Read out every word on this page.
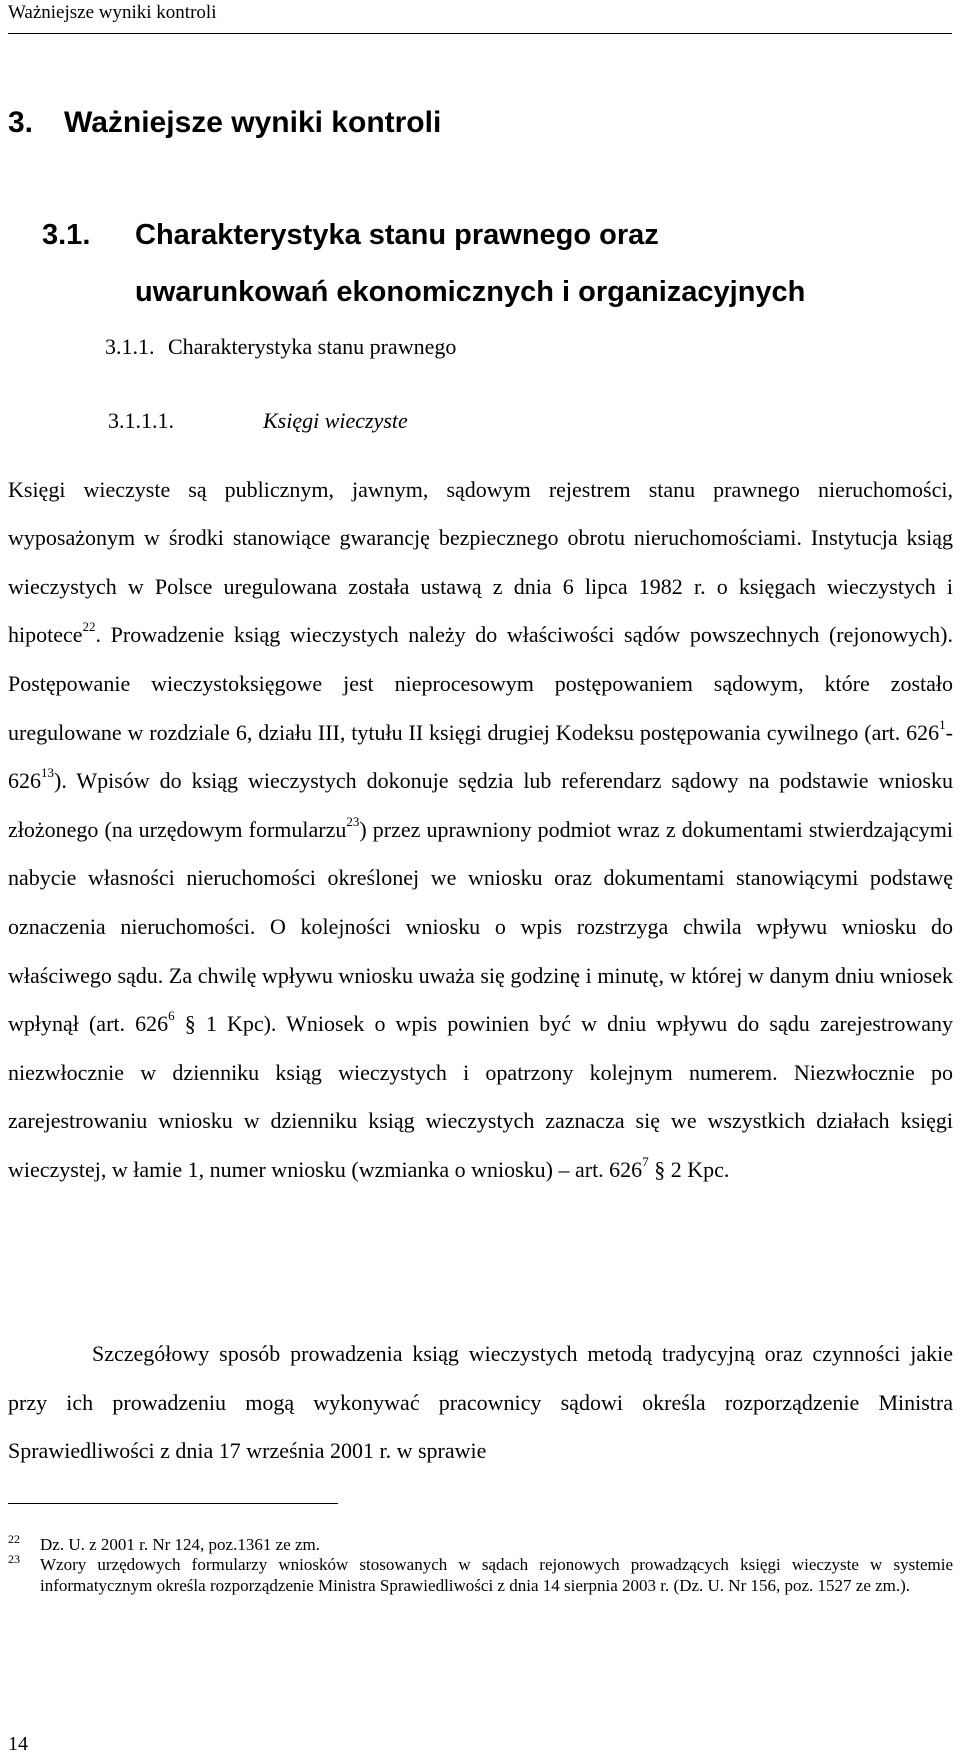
Ważniejsze wyniki kontroli
3. Ważniejsze wyniki kontroli
3.1. Charakterystyka stanu prawnego oraz
uwarunkowań ekonomicznych i organizacyjnych
3.1.1. Charakterystyka stanu prawnego
3.1.1.1.	Księgi wieczyste

Księgi wieczyste są publicznym, jawnym, sądowym rejestrem stanu prawnego nieruchomości, wyposażonym w środki stanowiące gwarancję bezpiecznego obrotu nieruchomościami. Instytucja ksiąg wieczystych w Polsce uregulowana została ustawą z dnia 6 lipca 1982 r. o księgach wieczystych i hipotece$^{22}$. Prowadzenie ksiąg wieczystych należy do właściwości sądów powszechnych (rejonowych). Postępowanie wieczystoksięgowe jest nieprocesowym postępowaniem sądowym, które zostało uregulowane w rozdziale 6, działu III, tytułu II księgi drugiej Kodeksu postępowania cywilnego (art. $626^1-626^{13}$). Wpisów do ksiąg wieczystych dokonuje sędzia lub referendarz sądowy na podstawie wniosku złożonego (na urzędowym formularzu$^{23}$) przez uprawniony podmiot wraz z dokumentami stwierdzającymi nabycie własności nieruchomości określonej we wniosku oraz dokumentami stanowiącymi podstawę oznaczenia nieruchomości. O kolejności wniosku o wpis rozstrzyga chwila wpływu wniosku do właściwego sądu. Za chwilę wpływu wniosku uważa się godzinę i minutę, w której w danym dniu wniosek wpłynął (art. $626^6$ § 1 Kpc). Wniosek o wpis powinien być w dniu wpływu do sądu zarejestrowany niezwłocznie w dzienniku ksiąg wieczystych i opatrzony kolejnym numerem. Niezwłocznie po zarejestrowaniu wniosku w dzienniku ksiąg wieczystych zaznacza się we wszystkich działach księgi wieczystej, w łamie 1, numer wniosku (wzmianka o wniosku) – art. $626^7$ § 2 Kpc.
Szczegółowy sposób prowadzenia ksiąg wieczystych metodą tradycyjną oraz czynności jakie przy ich prowadzeniu mogą wykonywać pracownicy sądowi określa rozporządzenie Ministra Sprawiedliwości z dnia 17 września 2001 r. w sprawie
22 Dz. U. z 2001 r. Nr 124, poz.1361 ze zm.
23 Wzory urzędowych formularzy wniosków stosowanych w sądach rejonowych prowadzących księgi wieczyste w systemie informatycznym określa rozporządzenie Ministra Sprawiedliwości z dnia 14 sierpnia 2003 r. (Dz. U. Nr 156, poz. 1527 ze zm.).
14
